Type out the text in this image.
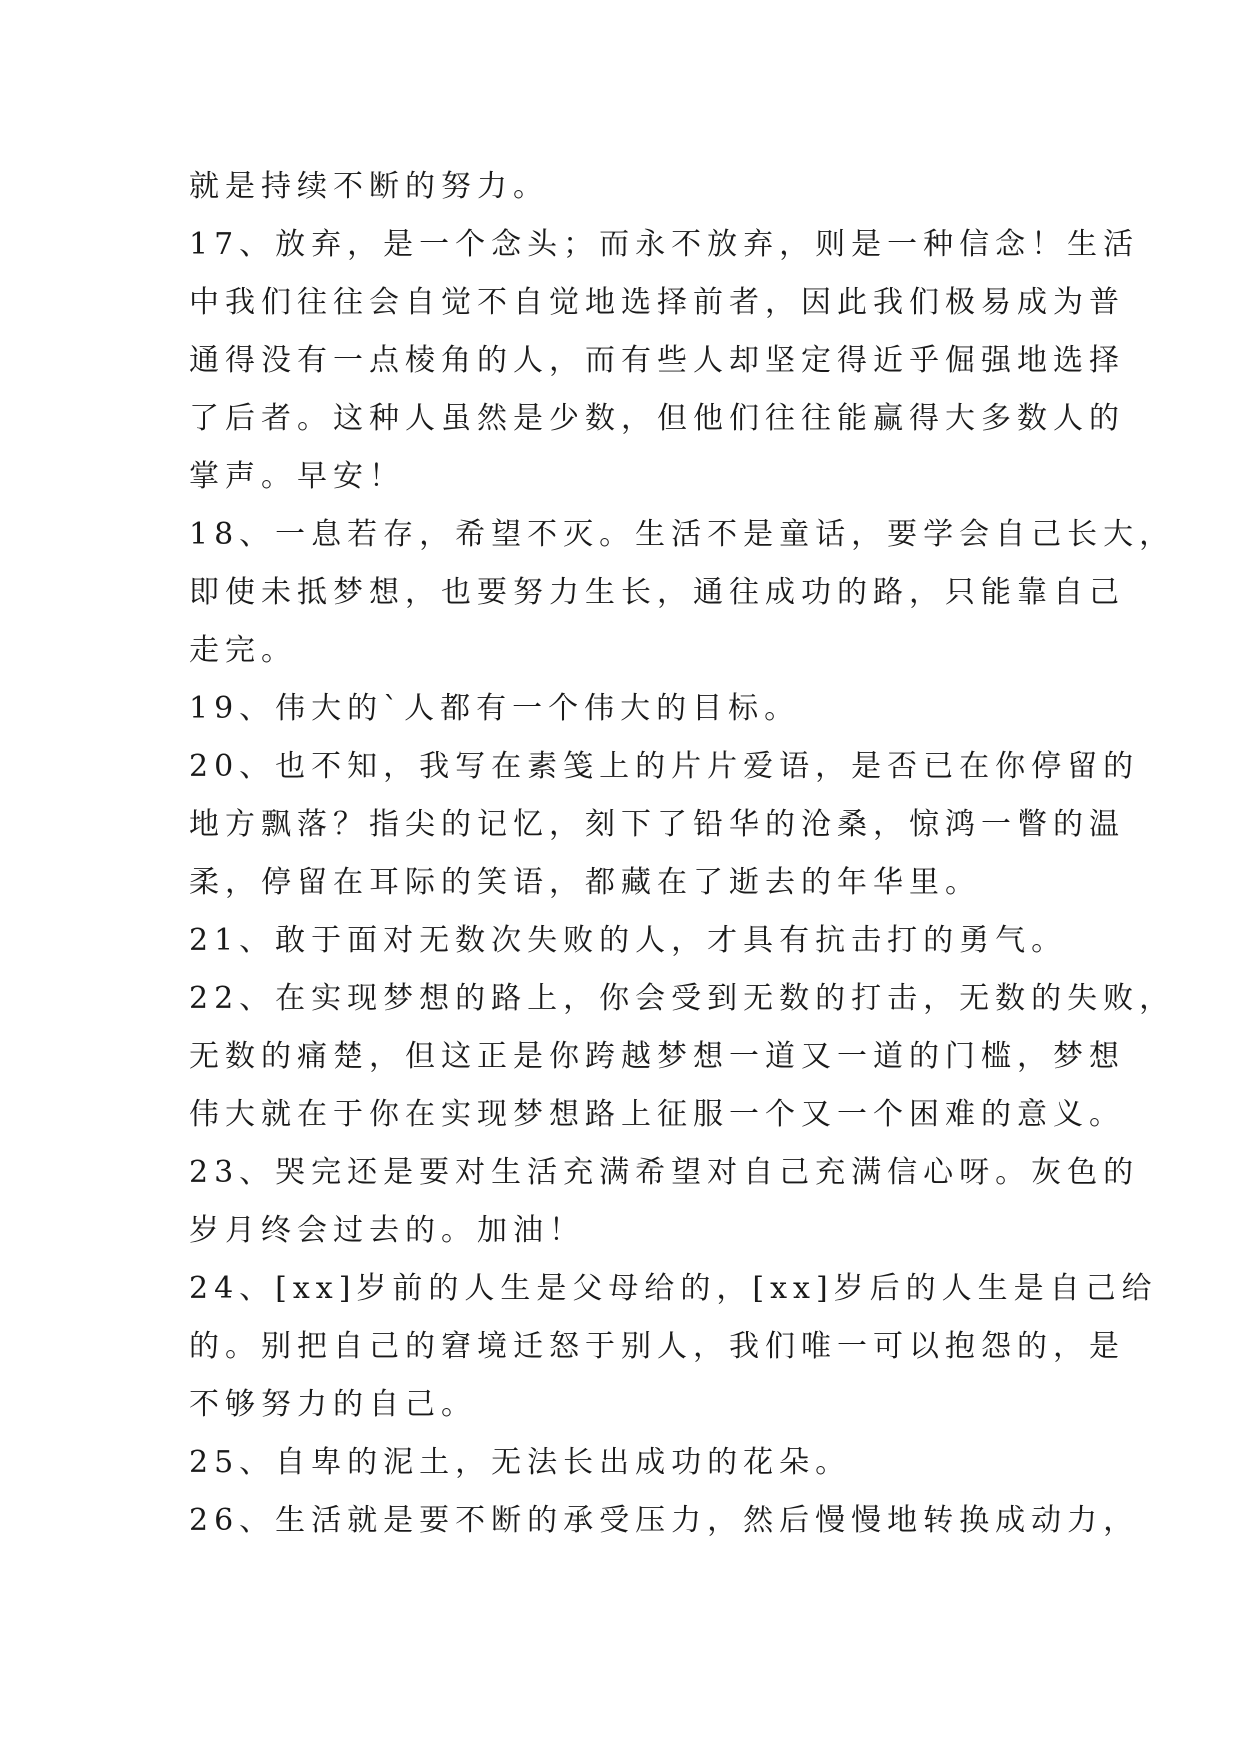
就是持续不断的努力。
17、放弃，是一个念头；而永不放弃，则是一种信念！生活
中我们往往会自觉不自觉地选择前者，因此我们极易成为普
通得没有一点棱角的人，而有些人却坚定得近乎倔强地选择
了后者。这种人虽然是少数，但他们往往能赢得大多数人的
掌声。早安！
18、一息若存，希望不灭。生活不是童话，要学会自己长大，
即使未抵梦想，也要努力生长，通往成功的路，只能靠自己
走完。
19、伟大的`人都有一个伟大的目标。
20、也不知，我写在素笺上的片片爱语，是否已在你停留的
地方飘落？指尖的记忆，刻下了铅华的沧桑，惊鸿一瞥的温
柔，停留在耳际的笑语，都藏在了逝去的年华里。
21、敢于面对无数次失败的人，才具有抗击打的勇气。
22、在实现梦想的路上，你会受到无数的打击，无数的失败，
无数的痛楚，但这正是你跨越梦想一道又一道的门槛，梦想
伟大就在于你在实现梦想路上征服一个又一个困难的意义。
23、哭完还是要对生活充满希望对自己充满信心呀。灰色的
岁月终会过去的。加油！
24、[xx]岁前的人生是父母给的，[xx]岁后的人生是自己给
的。别把自己的窘境迁怒于别人，我们唯一可以抱怨的，是
不够努力的自己。
25、自卑的泥土，无法长出成功的花朵。
26、生活就是要不断的承受压力，然后慢慢地转换成动力，
